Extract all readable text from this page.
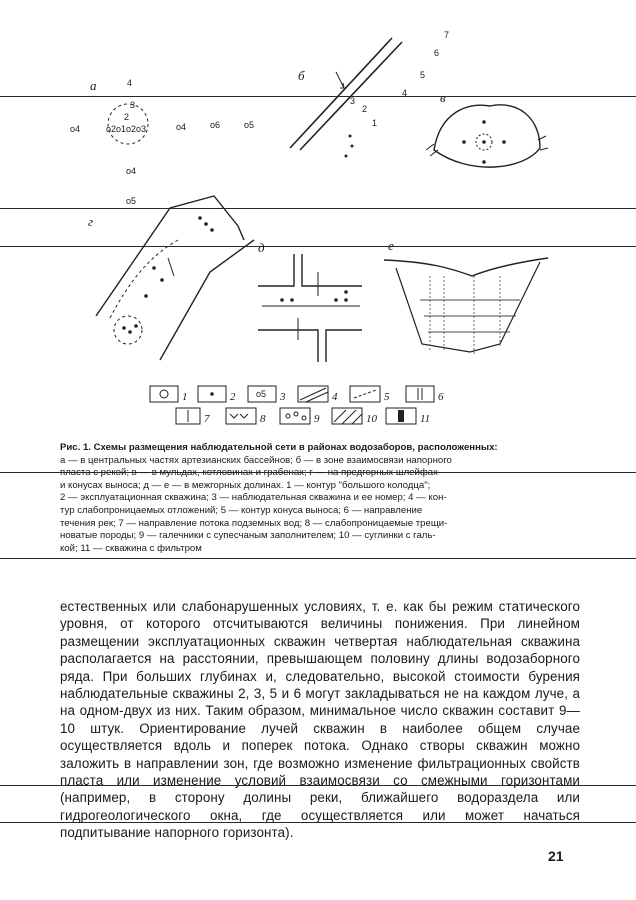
а	4
3
2
о2о1о2о3
о4	о4	о6	о5
о4
о5
б
7
6
5
4
3
2
1
в
г
д	е
1	2 о5 3	4	5	6
7	8	9	10	11
Рис. 1. Схемы размещения наблюдательной сети в районах водозаборов, расположенных:
а — в центральных частях артезианских бассейнов; б — в зоне взаимосвязи напорного
пласта с рекой; в — в мульдах, котловинах и грабенах; г — на предгорных шлейфах
и конусах выноса; д — е — в межгорных долинах. 1 — контур "большого колодца";
2 — эксплуатационная скважина; 3 — наблюдательная скважина и ее номер; 4 — кон-
тур слабопроницаемых отложений; 5 — контур конуса выноса; 6 — направление
течения рек; 7 — направление потока подземных вод; 8 — слабопроницаемые трещи-
новатые породы; 9 — галечники с супесчаным заполнителем; 10 — суглинки с галь-
кой; 11 — скважина с фильтром
естественных или слабонарушенных условиях, т. е. как бы режим статического уровня, от которого отсчитываются величины понижения. При линейном размещении эксплуатационных скважин четвертая наблюдательная скважина располагается на расстоянии, превышающем половину длины водозаборного ряда. При больших глубинах и, следовательно, высокой стоимости бурения наблюдательные скважины 2, 3, 5 и 6 могут закладываться не на каждом луче, а на одном-двух из них. Таким образом, минимальное число скважин составит 9—10 штук. Ориентирование лучей скважин в наиболее общем случае осуществляется вдоль и поперек потока. Однако створы скважин можно заложить в направлении зон, где возможно изменение фильтрационных свойств пласта или изменение условий взаимосвязи со смежными горизонтами (например, в сторону долины реки, ближайшего водораздела или гидрогеологического окна, где осуществляется или может начаться подпитывание напорного горизонта).
21
